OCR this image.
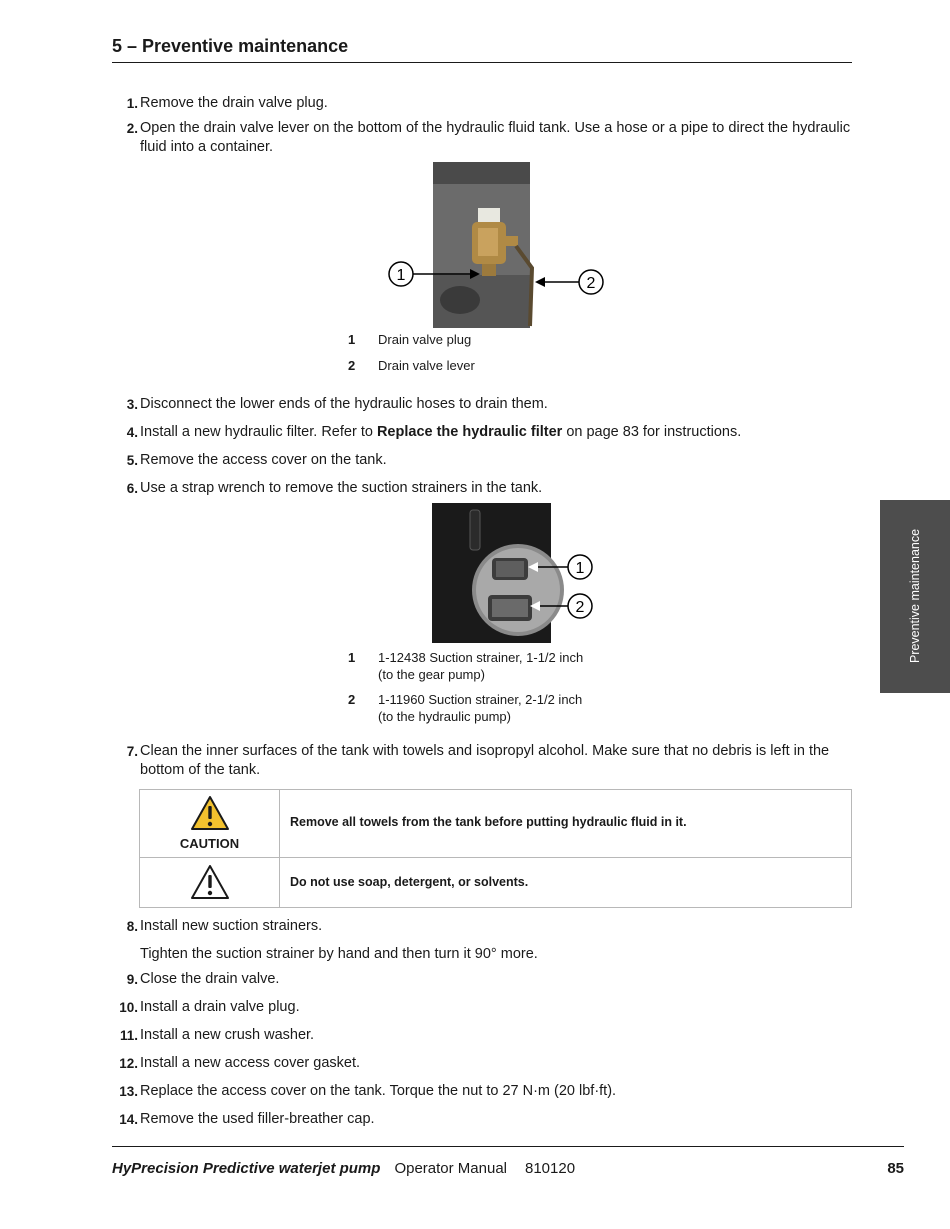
5 – Preventive maintenance
1. Remove the drain valve plug.
2. Open the drain valve lever on the bottom of the hydraulic fluid tank. Use a hose or a pipe to direct the hydraulic fluid into a container.
1	2
1 Drain valve plug
2 Drain valve lever
3. Disconnect the lower ends of the hydraulic hoses to drain them.
4. Install a new hydraulic filter. Refer to Replace the hydraulic filter on page 83 for instructions.
5. Remove the access cover on the tank.
6. Use a strap wrench to remove the suction strainers in the tank.
1
2
1 1-12438 Suction strainer, 1-1/2 inch
(to the gear pump)
2 1-11960 Suction strainer, 2-1/2 inch
(to the hydraulic pump)
7. Clean the inner surfaces of the tank with towels and isopropyl alcohol. Make sure that no debris is left in the bottom of the tank.
CAUTION
Remove all towels from the tank before putting hydraulic fluid in it.
Do not use soap, detergent, or solvents.
8. Install new suction strainers.
Tighten the suction strainer by hand and then turn it 90° more.
9. Close the drain valve.
10. Install a drain valve plug.
11. Install a new crush washer.
12. Install a new access cover gasket.
13. Replace the access cover on the tank. Torque the nut to 27 N·m (20 lbf·ft).
14. Remove the used filler-breather cap.
Preventive maintenance
HyPrecision Predictive waterjet pump Operator Manual 810120	85
